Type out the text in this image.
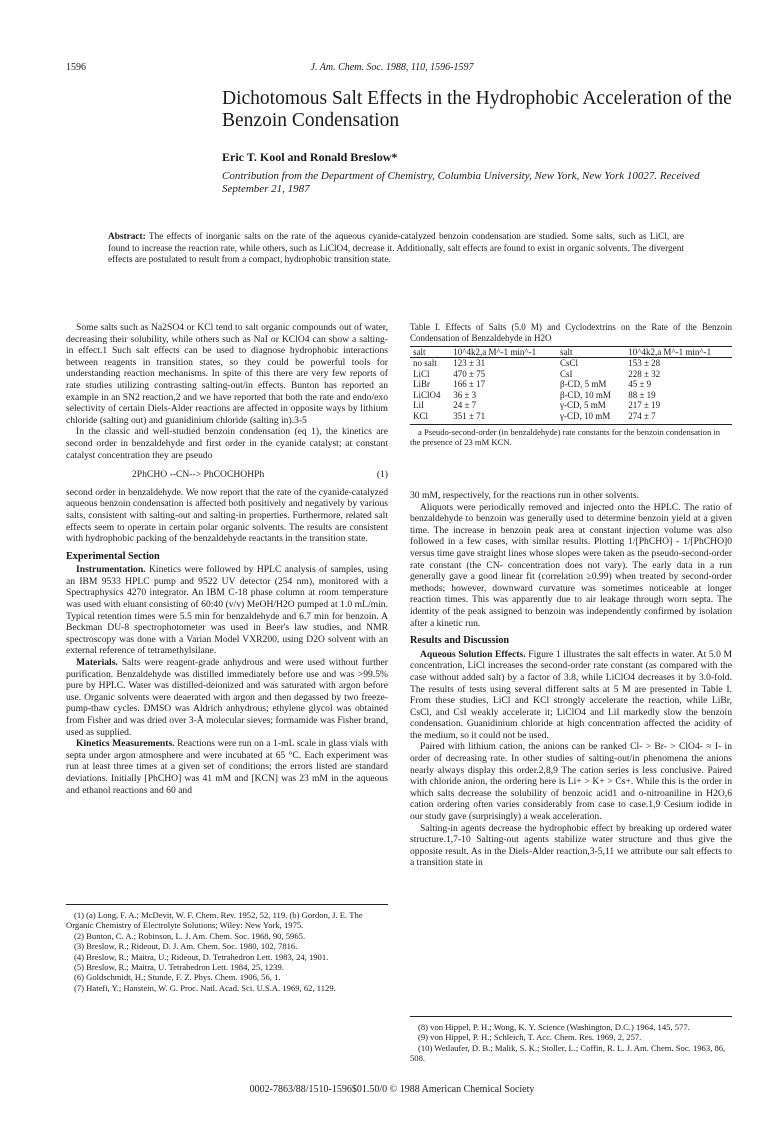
1596	J. Am. Chem. Soc. 1988, 110, 1596-1597
Dichotomous Salt Effects in the Hydrophobic Acceleration of the Benzoin Condensation
Eric T. Kool and Ronald Breslow*
Contribution from the Department of Chemistry, Columbia University, New York, New York 10027. Received September 21, 1987
Abstract: The effects of inorganic salts on the rate of the aqueous cyanide-catalyzed benzoin condensation are studied. Some salts, such as LiCl, are found to increase the reaction rate, while others, such as LiClO4, decrease it. Additionally, salt effects are found to exist in organic solvents. The divergent effects are postulated to result from a compact, hydrophobic transition state.

Some salts such as Na2SO4 or KCl tend to salt organic compounds out of water, decreasing their solubility, while others such as NaI or KClO4 can show a salting-in effect.1 Such salt effects can be used to diagnose hydrophobic interactions between reagents in transition states, so they could be powerful tools for understanding reaction mechanisms. In spite of this there are very few reports of rate studies utilizing contrasting salting-out/in effects. Bunton has reported an example in an SN2 reaction,2 and we have reported that both the rate and endo/exo selectivity of certain Diels-Alder reactions are affected in opposite ways by lithium chloride (salting out) and guanidinium chloride (salting in).3-5

In the classic and well-studied benzoin condensation (eq 1), the kinetics are second order in benzaldehyde and first order in the cyanide catalyst; at constant catalyst concentration they are pseudo

2PhCHO --CN--> PhCOCHOHPh	(1)

second order in benzaldehyde. We now report that the rate of the cyanide-catalyzed aqueous benzoin condensation is affected both positively and negatively by various salts, consistent with salting-out and salting-in properties. Furthermore, related salt effects seem to operate in certain polar organic solvents. The results are consistent with hydrophobic packing of the benzaldehyde reactants in the transition state.

Experimental Section

Instrumentation. Kinetics were followed by HPLC analysis of samples, using an IBM 9533 HPLC pump and 9522 UV detector (254 nm), monitored with a Spectraphysics 4270 integrator. An IBM C-18 phase column at room temperature was used with eluant consisting of 60:40 (v/v) MeOH/H2O pumped at 1.0 mL/min. Typical retention times were 5.5 min for benzaldehyde and 6.7 min for benzoin. A Beckman DU-8 spectrophotometer was used in Beer's law studies, and NMR spectroscopy was done with a Varian Model VXR200, using D2O solvent with an external reference of tetramethylsilane.

Materials. Salts were reagent-grade anhydrous and were used without further purification. Benzaldehyde was distilled immediately before use and was >99.5% pure by HPLC. Water was distilled-deionized and was saturated with argon before use. Organic solvents were deaerated with argon and then degassed by two freeze-pump-thaw cycles. DMSO was Aldrich anhydrous; ethylene glycol was obtained from Fisher and was dried over 3-Å molecular sieves; formamide was Fisher brand, used as supplied.

Kinetics Measurements. Reactions were run on a 1-mL scale in glass vials with septa under argon atmosphere and were incubated at 65 °C. Each experiment was run at least three times at a given set of conditions; the errors listed are standard deviations. Initially [PhCHO] was 41 mM and [KCN] was 23 mM in the aqueous and ethanol reactions and 60 and

(1) (a) Long, F. A.; McDevit, W. F. Chem. Rev. 1952, 52, 119. (b) Gordon, J. E. The Organic Chemistry of Electrolyte Solutions; Wiley: New York, 1975.
(2) Bunton, C. A.; Robinson, L. J. Am. Chem. Soc. 1968, 90, 5965.
(3) Breslow, R.; Rideout, D. J. Am. Chem. Soc. 1980, 102, 7816.
(4) Breslow, R.; Maitra, U.; Rideout, D. Tetrahedron Lett. 1983, 24, 1901.
(5) Breslow, R.; Maitra, U. Tetrahedron Lett. 1984, 25, 1239.
(6) Goldschmidt, H.; Stunde, F. Z. Phys. Chem. 1906, 56, 1.
(7) Hatefi, Y.; Hanstein, W. G. Proc. Natl. Acad. Sci. U.S.A. 1969, 62, 1129.
Table I. Effects of Salts (5.0 M) and Cyclodextrins on the Rate of the Benzoin Condensation of Benzaldehyde in H2O
salt	10^4k2,a M^-1 min^-1	salt	10^4k2,a M^-1 min^-1
no salt	123 ± 31	CsCl	153 ± 28
LiCl	470 ± 75	CsI	228 ± 32
LiBr	166 ± 17	β-CD, 5 mM	45 ± 9
LiClO4	36 ± 3	β-CD, 10 mM	88 ± 19
LiI	24 ± 7	γ-CD, 5 mM	217 ± 19
KCl	351 ± 71	γ-CD, 10 mM	274 ± 7
a Pseudo-second-order (in benzaldehyde) rate constants for the benzoin condensation in the presence of 23 mM KCN.

30 mM, respectively, for the reactions run in other solvents.

Aliquots were periodically removed and injected onto the HPLC. The ratio of benzaldehyde to benzoin was generally used to determine benzoin yield at a given time. The increase in benzoin peak area at constant injection volume was also followed in a few cases, with similar results. Plotting 1/[PhCHO] - 1/[PhCHO]0 versus time gave straight lines whose slopes were taken as the pseudo-second-order rate constant (the CN- concentration does not vary). The early data in a run generally gave a good linear fit (correlation ≥0.99) when treated by second-order methods; however, downward curvature was sometimes noticeable at longer reaction times. This was apparently due to air leakage through worn septa. The identity of the peak assigned to benzoin was independently confirmed by isolation after a kinetic run.

Results and Discussion

Aqueous Solution Effects. Figure 1 illustrates the salt effects in water. At 5.0 M concentration, LiCl increases the second-order rate constant (as compared with the case without added salt) by a factor of 3.8, while LiClO4 decreases it by 3.0-fold. The results of tests using several different salts at 5 M are presented in Table I. From these studies, LiCl and KCl strongly accelerate the reaction, while LiBr, CsCl, and CsI weakly accelerate it; LiClO4 and LiI markedly slow the benzoin condensation. Guanidinium chloride at high concentration affected the acidity of the medium, so it could not be used.

Paired with lithium cation, the anions can be ranked Cl- > Br- > ClO4- ≈ I- in order of decreasing rate. In other studies of salting-out/in phenomena the anions nearly always display this order.2,8,9 The cation series is less conclusive. Paired with chloride anion, the ordering here is Li+ > K+ > Cs+. While this is the order in which salts decrease the solubility of benzoic acid1 and o-nitroaniline in H2O,6 cation ordering often varies considerably from case to case.1,9 Cesium iodide in our study gave (surprisingly) a weak acceleration.

Salting-in agents decrease the hydrophobic effect by breaking up ordered water structure.1,7-10 Salting-out agents stabilize water structure and thus give the opposite result. As in the Diels-Alder reaction,3-5,11 we attribute our salt effects to a transition state in

(8) von Hippel, P. H.; Wong, K. Y. Science (Washington, D.C.) 1964, 145, 577.
(9) von Hippel, P. H.; Schleich, T. Acc. Chem. Res. 1969, 2, 257.
(10) Wetlaufer, D. B.; Malik, S. K.; Stoller, L.; Coffin, R. L. J. Am. Chem. Soc. 1963, 86, 508.
0002-7863/88/1510-1596$01.50/0 © 1988 American Chemical Society
